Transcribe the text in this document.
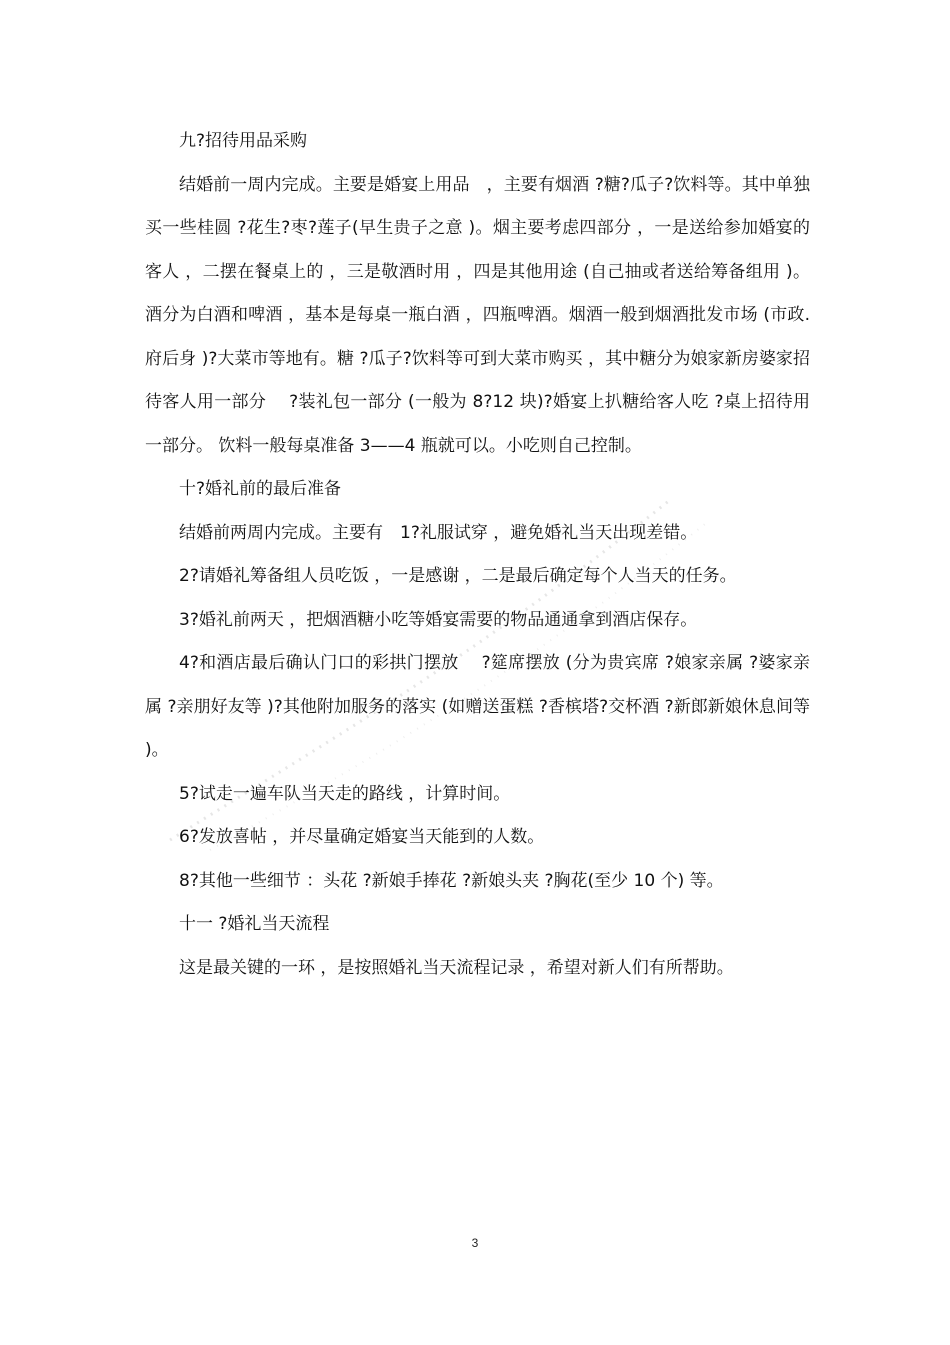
九?招待用品采购

结婚前一周内完成。主要是婚宴上用品　，主要有烟酒 ?糖?瓜子?饮料等。其中单独买一些桂圆 ?花生?枣?莲子(早生贵子之意 )。烟主要考虑四部分 ，一是送给参加婚宴的客人 ，二摆在餐桌上的 ，三是敬酒时用 ，四是其他用途 (自己抽或者送给筹备组用 )。酒分为白酒和啤酒 ，基本是每桌一瓶白酒 ，四瓶啤酒。烟酒一般到烟酒批发市场 (市政. 府后身 )?大菜市等地有。糖 ?瓜子?饮料等可到大菜市购买 ，其中糖分为娘家新房婆家招待客人用一部分　 ?装礼包一部分 (一般为 8?12 块)?婚宴上扒糖给客人吃 ?桌上招待用一部分。 饮料一般每桌准备 3——4 瓶就可以。小吃则自己控制。

十?婚礼前的最后准备

结婚前两周内完成。主要有　1?礼服试穿 ，避免婚礼当天出现差错。

2?请婚礼筹备组人员吃饭 ，一是感谢 ，二是最后确定每个人当天的任务。

3?婚礼前两天 ，把烟酒糖小吃等婚宴需要的物品通通拿到酒店保存。

4?和酒店最后确认门口的彩拱门摆放　 ?筵席摆放 (分为贵宾席 ?娘家亲属 ?婆家亲属 ?亲朋好友等 )?其他附加服务的落实 (如赠送蛋糕 ?香槟塔?交杯酒 ?新郎新娘休息间等 )。

5?试走一遍车队当天走的路线 ，计算时间。

6?发放喜帖 ，并尽量确定婚宴当天能到的人数。

8?其他一些细节 ：头花 ?新娘手捧花 ?新娘头夹 ?胸花(至少 10 个) 等。

十一 ?婚礼当天流程

这是最关键的一环 ，是按照婚礼当天流程记录 ，希望对新人们有所帮助。

3
